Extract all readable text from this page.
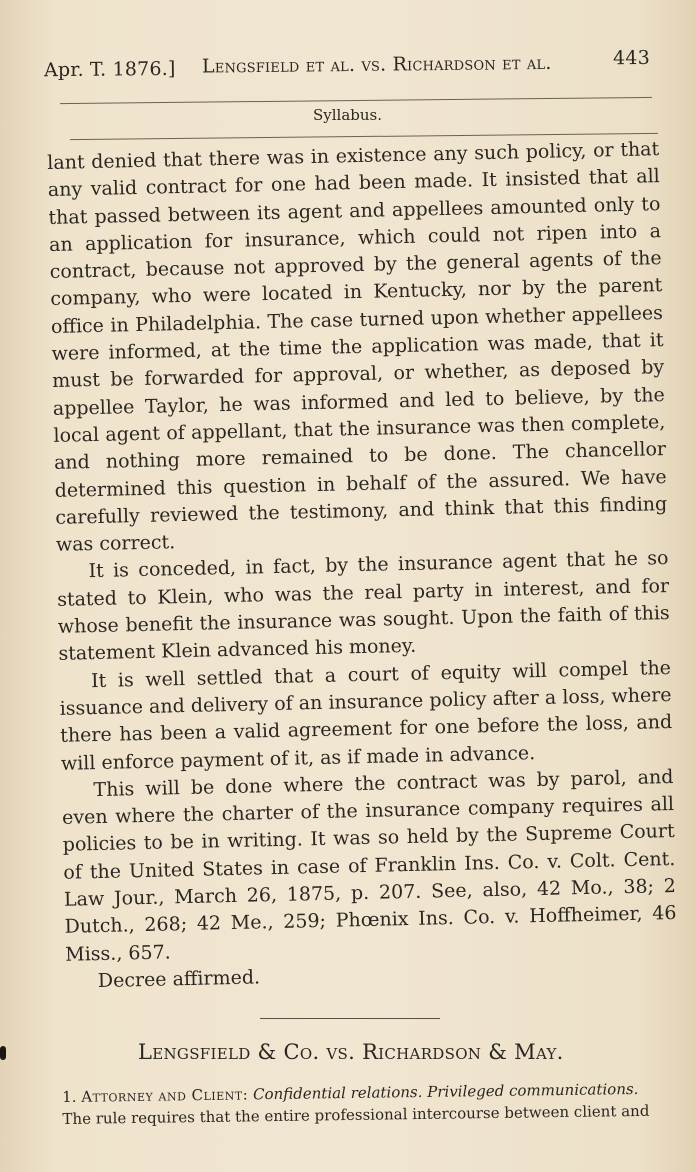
Apr. T. 1876.] Lengsfield et al. vs. Richardson et al.	443
Syllabus.

lant denied that there was in existence any such policy, or that any valid contract for one had been made. It insisted that all that passed between its agent and appellees amounted only to an application for insurance, which could not ripen into a contract, because not approved by the general agents of the company, who were located in Kentucky, nor by the parent office in Philadelphia. The case turned upon whether appellees were informed, at the time the application was made, that it must be forwarded for approval, or whether, as deposed by appellee Taylor, he was informed and led to believe, by the local agent of appellant, that the insurance was then complete, and nothing more remained to be done. The chancellor determined this question in behalf of the assured. We have carefully reviewed the testimony, and think that this finding was correct.

It is conceded, in fact, by the insurance agent that he so stated to Klein, who was the real party in interest, and for whose benefit the insurance was sought. Upon the faith of this statement Klein advanced his money.

It is well settled that a court of equity will compel the issuance and delivery of an insurance policy after a loss, where there has been a valid agreement for one before the loss, and will enforce payment of it, as if made in advance.

This will be done where the contract was by parol, and even where the charter of the insurance company requires all policies to be in writing. It was so held by the Supreme Court of the United States in case of Franklin Ins. Co. v. Colt. Cent. Law Jour., March 26, 1875, p. 207. See, also, 42 Mo., 38; 2 Dutch., 268; 42 Me., 259; Phœnix Ins. Co. v. Hoffheimer, 46 Miss., 657.

Decree affirmed.

Lengsfield & Co. vs. Richardson & May.
1. Attorney and Client: Confidential relations. Privileged communications.
The rule requires that the entire professional intercourse between client and
